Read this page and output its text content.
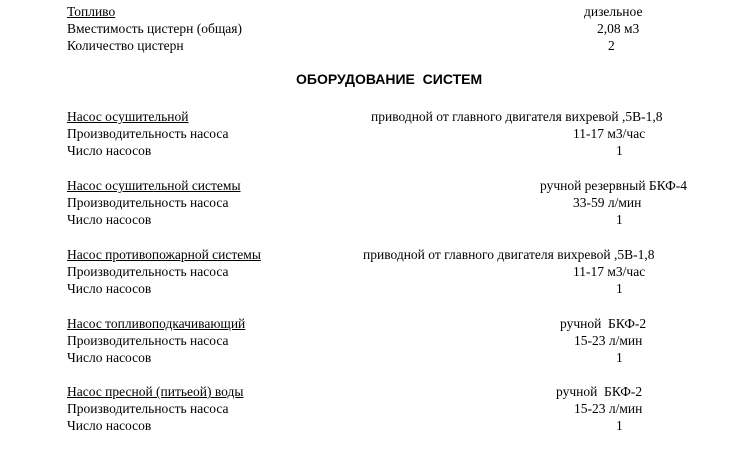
Топливо	дизельное
Вместимость цистерн (общая)	2,08 м3
Количество цистерн	2
ОБОРУДОВАНИЕ  СИСТЕМ
Насос осушительной	приводной от главного двигателя вихревой ,5В-1,8
Производительность насоса	11-17 м3/час
Число насосов	1
Насос осушительной системы	ручной резервный БКФ-4
Производительность насоса	33-59 л/мин
Число насосов	1
Насос противопожарной системы	приводной от главного двигателя вихревой ,5В-1,8
Производительность насоса	11-17 м3/час
Число насосов	1
Насос топливоподкачивающий	ручной  БКФ-2
Производительность насоса	15-23 л/мин
Число насосов	1
Насос пресной (питьеой) воды	ручной  БКФ-2
Производительность насоса	15-23 л/мин
Число насосов	1
